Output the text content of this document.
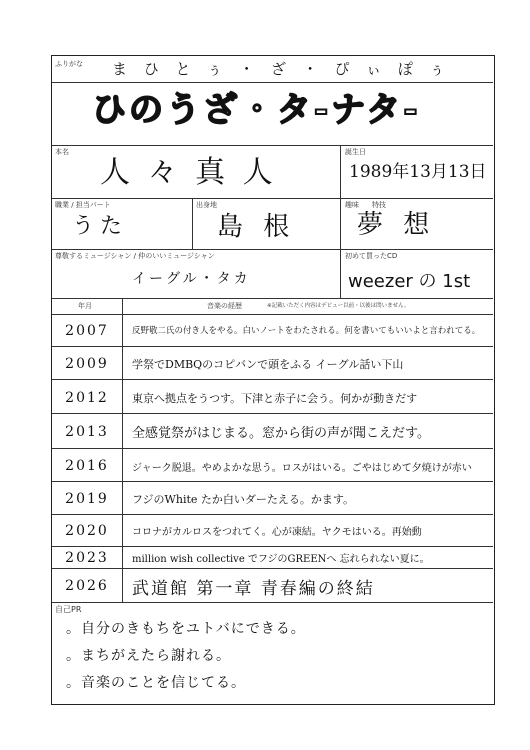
ふりがな ま ひ と ぅ ・ ざ ・ ぴ ぃ ぽ ぅ
ひのうざ・タ-ナタ-
本名
人 々 真 人
誕生日
1989年13月13日
職業 / 担当パート
うた
出身地
島 根
趣味 特技
夢 想
尊敬するミュージシャン / 仲のいいミュージシャン
イーグル・タカ
初めて買ったCD
weezer の 1st
年月	音楽の経歴	※記載いただく内容はデビュー以前・以後は問いません。
2007	反野敬二氏の付き人をやる。白いノートをわたされる。何を書いてもいいよと言われてる。
2009	学祭でDMBQのコピバンで頭をふる イーグル話い下山
2012	東京へ拠点をうつす。下津と赤子に会う。何かが動きだす
2013	全感覚祭がはじまる。窓から街の声が聞こえだす。
2016	ジャーク脱退。やめよかな思う。ロスがはいる。ごやはじめて夕焼けが赤い
2019	フジのWhite たか白いダーたえる。かます。
2020	コロナがカルロスをつれてく。心が凍結。ヤクモはいる。再始動
2023	million wish collective でフジのGREENへ 忘れられない夏に。
2026	武道館 第一章 青春編の終結
自己PR
。自分のきもちをユトバにできる。
。まちがえたら謝れる。
。音楽のことを信じてる。
